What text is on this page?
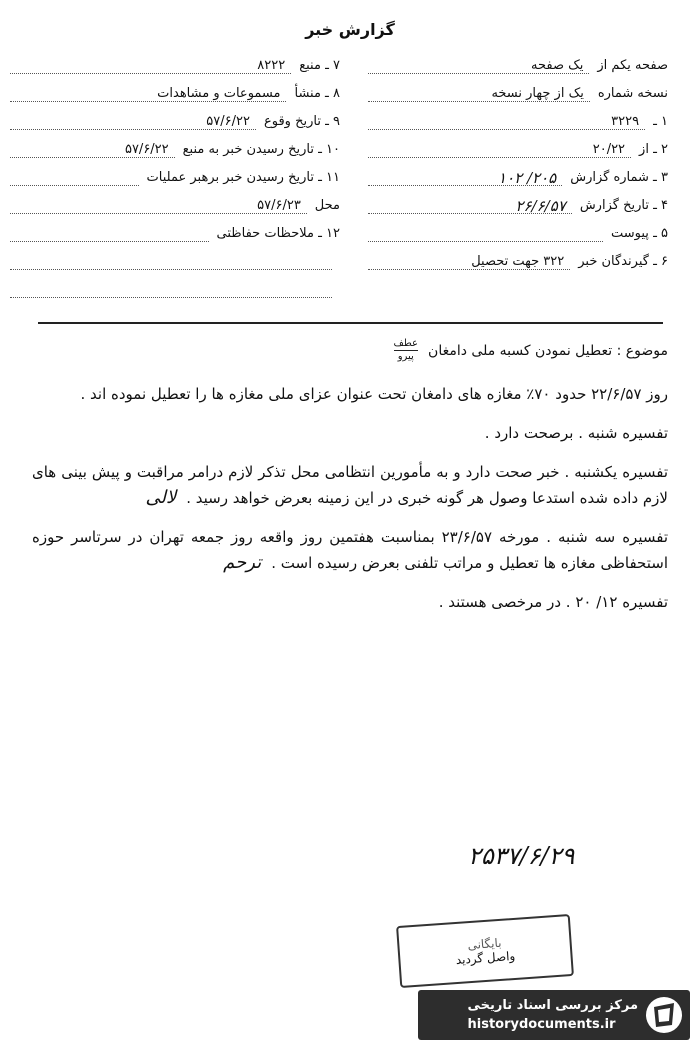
گزارش خبر
صفحه یکم از
یک صفحه
نسخه شماره
یک از چهار نسخه
۱ ـ
۳۲۲۹
۲ ـ از
۲۰/۲۲
۳ ـ شماره گزارش
۲۰۵/ ۱۰۲
۴ ـ تاریخ گزارش
۲۶/۶/۵۷
۵ ـ پیوست
۶ ـ گیرندگان خبر
۳۲۲ جهت تحصیل
۷ ـ منبع
۸۲۲۲
۸ ـ منشأ
مسموعات و مشاهدات
۹ ـ تاریخ وقوع
۵۷/۶/۲۲
۱۰ ـ تاریخ رسیدن خبر به منبع
۵۷/۶/۲۲
۱۱ ـ تاریخ رسیدن خبر برهبر عملیات
محل
۵۷/۶/۲۳
۱۲ ـ ملاحظات حفاظتی
موضوع
:
تعطیل نمودن کسبه ملی دامغان
$\frac{\text{عطف}}{\text{پیرو}}$

روز ۲۲/۶/۵۷ حدود ۷۰٪ مغازه های دامغان تحت عنوان عزای ملی مغازه ها را تعطیل نموده اند .

تفسیره شنبه . برصحت دارد .

تفسیره یکشنبه . خبر صحت دارد و به مأمورین انتظامی محل تذکر لازم درامر مراقبت و پیش بینی های لازم داده شده استدعا وصول هر گونه خبری در این زمینه بعرض خواهد رسید .لالی

تفسیره سه شنبه . مورخه ۲۳/۶/۵۷ بمناسبت هفتمین روز واقعه روز جمعه تهران در سرتاسر حوزه استحفاظی مغازه ها تعطیل و مراتب تلفنی بعرض رسیده است .ترحم

تفسیره ۱۲/ ۲۰ . در مرخصی هستند .

۲۵۳۷/۶/۲۹
بایگانی
واصل گردید
مرکز بررسی اسناد تاریخی
historydocuments.ir
